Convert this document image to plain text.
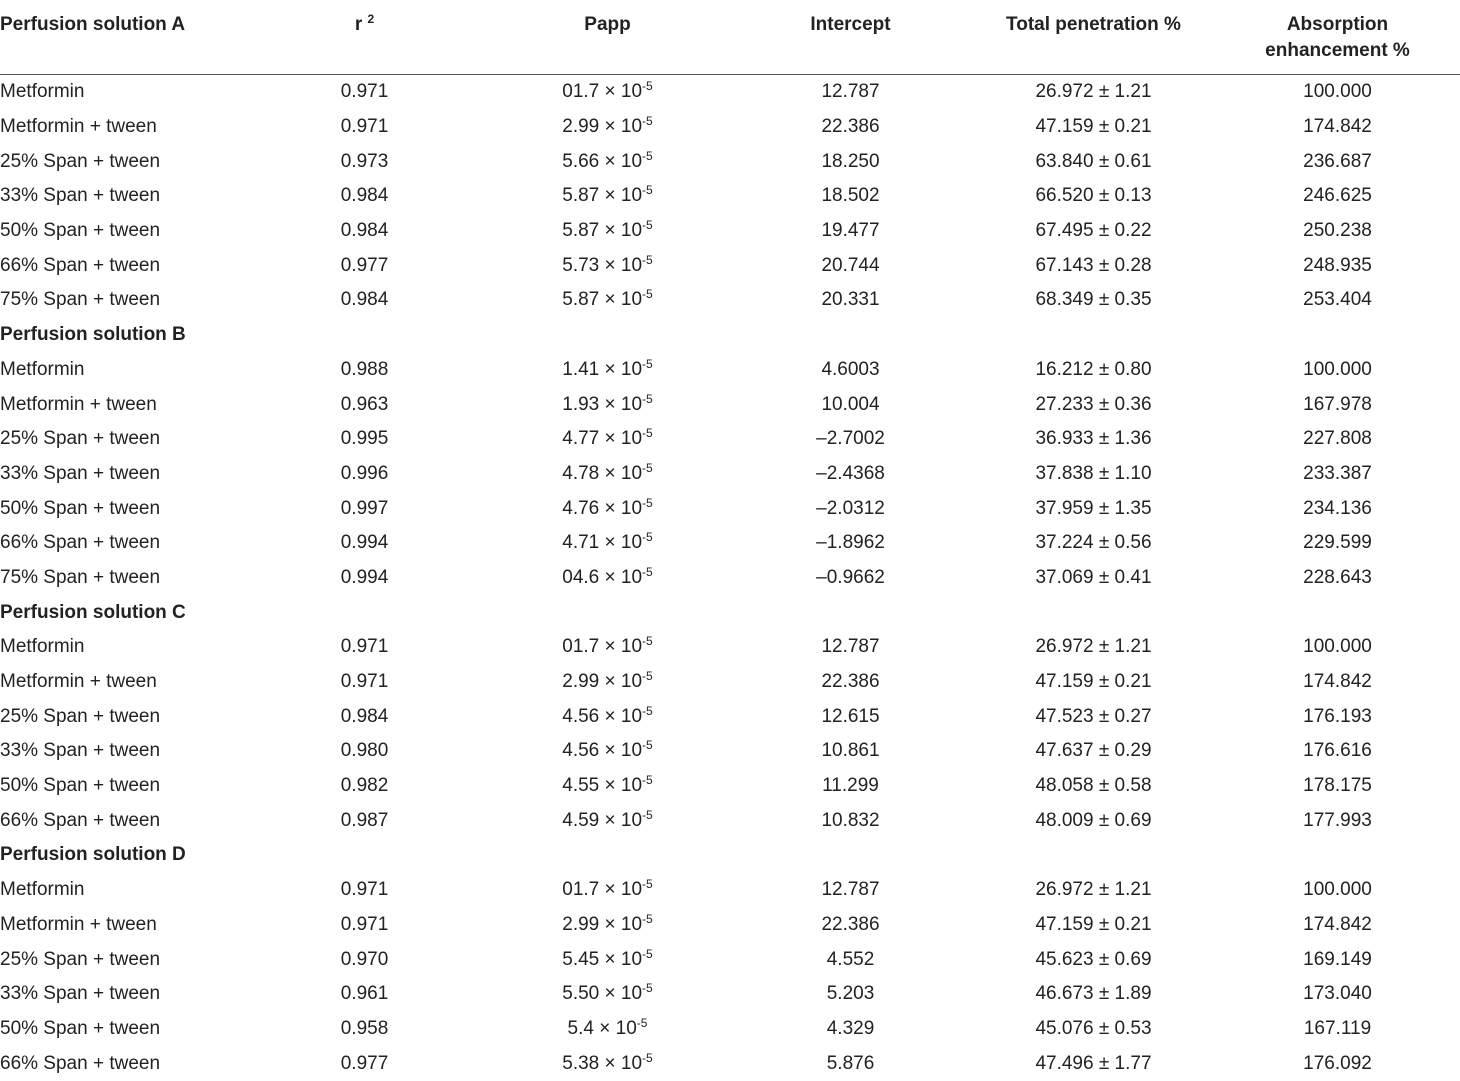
Perfusion solution A	r $^2$	Papp	Intercept	Total penetration %	Absorption
enhancement %
Metformin	0.971	$01.7 \times 10^{-5}$	12.787	26.972 ± 1.21	100.000
Metformin + tween	0.971	$2.99 \times 10^{-5}$	22.386	47.159 ± 0.21	174.842
25% Span + tween	0.973	$5.66 \times 10^{-5}$	18.250	63.840 ± 0.61	236.687
33% Span + tween	0.984	$5.87 \times 10^{-5}$	18.502	66.520 ± 0.13	246.625
50% Span + tween	0.984	$5.87 \times 10^{-5}$	19.477	67.495 ± 0.22	250.238
66% Span + tween	0.977	$5.73 \times 10^{-5}$	20.744	67.143 ± 0.28	248.935
75% Span + tween	0.984	$5.87 \times 10^{-5}$	20.331	68.349 ± 0.35	253.404
Perfusion solution B					
Metformin	0.988	$1.41 \times 10^{-5}$	4.6003	16.212 ± 0.80	100.000
Metformin + tween	0.963	$1.93 \times 10^{-5}$	10.004	27.233 ± 0.36	167.978
25% Span + tween	0.995	$4.77 \times 10^{-5}$	–2.7002	36.933 ± 1.36	227.808
33% Span + tween	0.996	$4.78 \times 10^{-5}$	–2.4368	37.838 ± 1.10	233.387
50% Span + tween	0.997	$4.76 \times 10^{-5}$	–2.0312	37.959 ± 1.35	234.136
66% Span + tween	0.994	$4.71 \times 10^{-5}$	–1.8962	37.224 ± 0.56	229.599
75% Span + tween	0.994	$04.6 \times 10^{-5}$	–0.9662	37.069 ± 0.41	228.643
Perfusion solution C					
Metformin	0.971	$01.7 \times 10^{-5}$	12.787	26.972 ± 1.21	100.000
Metformin + tween	0.971	$2.99 \times 10^{-5}$	22.386	47.159 ± 0.21	174.842
25% Span + tween	0.984	$4.56 \times 10^{-5}$	12.615	47.523 ± 0.27	176.193
33% Span + tween	0.980	$4.56 \times 10^{-5}$	10.861	47.637 ± 0.29	176.616
50% Span + tween	0.982	$4.55 \times 10^{-5}$	11.299	48.058 ± 0.58	178.175
66% Span + tween	0.987	$4.59 \times 10^{-5}$	10.832	48.009 ± 0.69	177.993
Perfusion solution D					
Metformin	0.971	$01.7 \times 10^{-5}$	12.787	26.972 ± 1.21	100.000
Metformin + tween	0.971	$2.99 \times 10^{-5}$	22.386	47.159 ± 0.21	174.842
25% Span + tween	0.970	$5.45 \times 10^{-5}$	4.552	45.623 ± 0.69	169.149
33% Span + tween	0.961	$5.50 \times 10^{-5}$	5.203	46.673 ± 1.89	173.040
50% Span + tween	0.958	$5.4 \times 10^{-5}$	4.329	45.076 ± 0.53	167.119
66% Span + tween	0.977	$5.38 \times 10^{-5}$	5.876	47.496 ± 1.77	176.092
